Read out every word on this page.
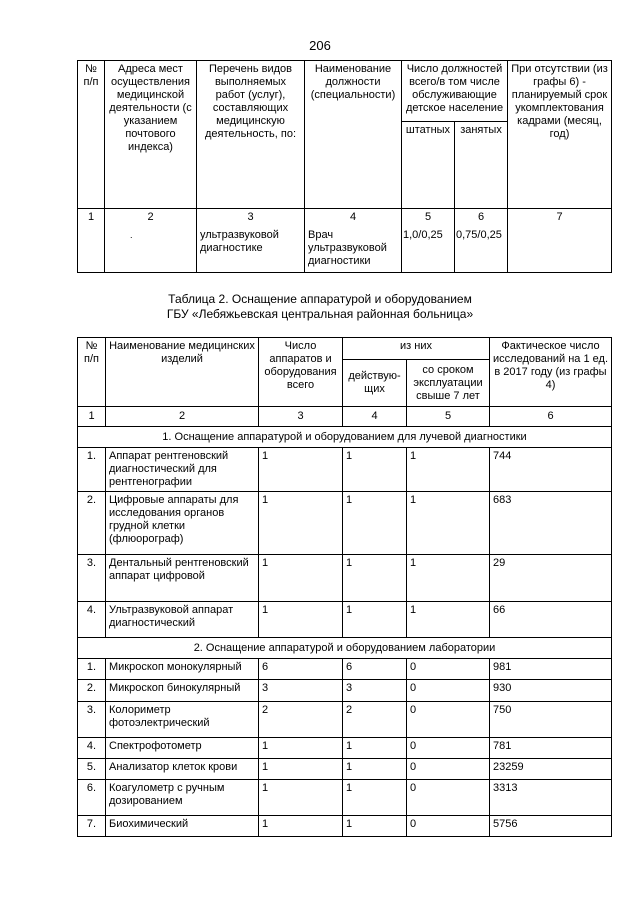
206
№ п/п	Адреса мест осуществления медицинской деятельности (с указанием почтового индекса)	Перечень видов выполняемых работ (услуг), составляющих медицинскую деятельность, по:	Наименование должности (специальности)	Число должностей всего/в том числе обслуживающие детское население		При отсутствии (из графы 6) - планируемый срок укомплектования кадрами (месяц, год)
				штатных	занятых	
1	2	3	4	5	6	7
	.	ультразвуковой диагностике	Врач ультразвуковой диагностики	1,0/0,25	0,75/0,25	
Таблица 2. Оснащение аппаратурой и оборудованием
ГБУ «Лебяжьевская центральная районная больница»
№ п/п	Наименование медицинских изделий	Число аппаратов и оборудования всего	из них		Фактическое число исследований на 1 ед. в 2017 году (из графы 4)
			действую-щих	со сроком эксплуатации свыше 7 лет	
1	2	3	4	5	6
1. Оснащение аппаратурой и оборудованием для лучевой диагностики					
1.	Аппарат рентгеновский диагностический для рентгенографии	1	1	1	744
2.	Цифровые аппараты для исследования органов грудной клетки (флюорограф)	1	1	1	683
3.	Дентальный рентгеновский аппарат цифровой	1	1	1	29
4.	Ультразвуковой аппарат диагностический	1	1	1	66
2. Оснащение аппаратурой и оборудованием лаборатории					
1.	Микроскоп монокулярный	6	6	0	981
2.	Микроскоп бинокулярный	3	3	0	930
3.	Колориметр фотоэлектрический	2	2	0	750
4.	Спектрофотометр	1	1	0	781
5.	Анализатор клеток крови	1	1	0	23259
6.	Коагулометр с ручным дозированием	1	1	0	3313
7.	Биохимический	1	1	0	5756
